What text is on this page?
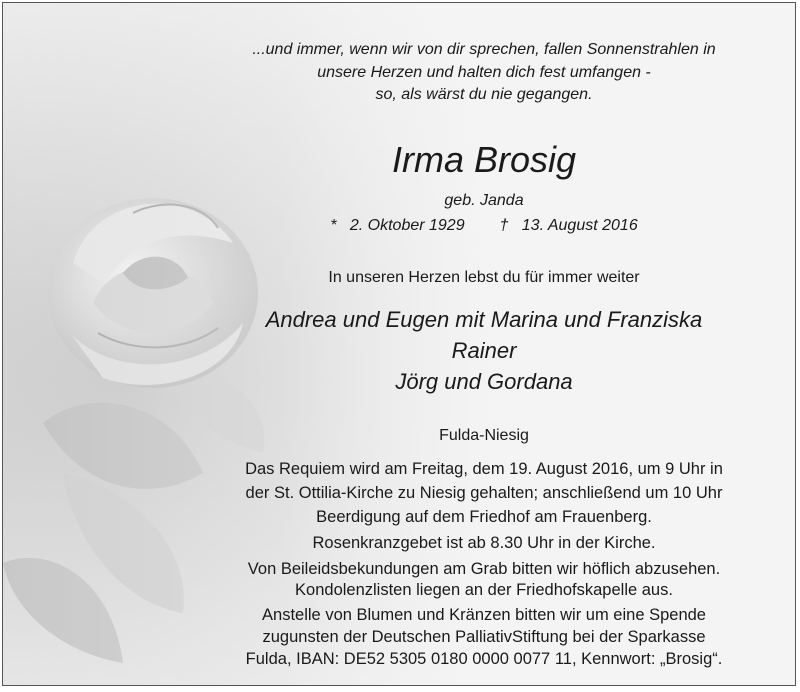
...und immer, wenn wir von dir sprechen, fallen Sonnenstrahlen in
unsere Herzen und halten dich fest umfangen -
so, als wärst du nie gegangen.
Irma Brosig
geb. Janda
* 2. Oktober 1929 † 13. August 2016
In unseren Herzen lebst du für immer weiter
Andrea und Eugen mit Marina und Franziska
Rainer
Jörg und Gordana
Fulda-Niesig
Das Requiem wird am Freitag, dem 19. August 2016, um 9 Uhr in
der St. Ottilia-Kirche zu Niesig gehalten; anschließend um 10 Uhr
Beerdigung auf dem Friedhof am Frauenberg.
Rosenkranzgebet ist ab 8.30 Uhr in der Kirche.
Von Beileidsbekundungen am Grab bitten wir höflich abzusehen.
Kondolenzlisten liegen an der Friedhofskapelle aus.
Anstelle von Blumen und Kränzen bitten wir um eine Spende
zugunsten der Deutschen PalliativStiftung bei der Sparkasse
Fulda, IBAN: DE52 5305 0180 0000 0077 11, Kennwort: „Brosig“.
